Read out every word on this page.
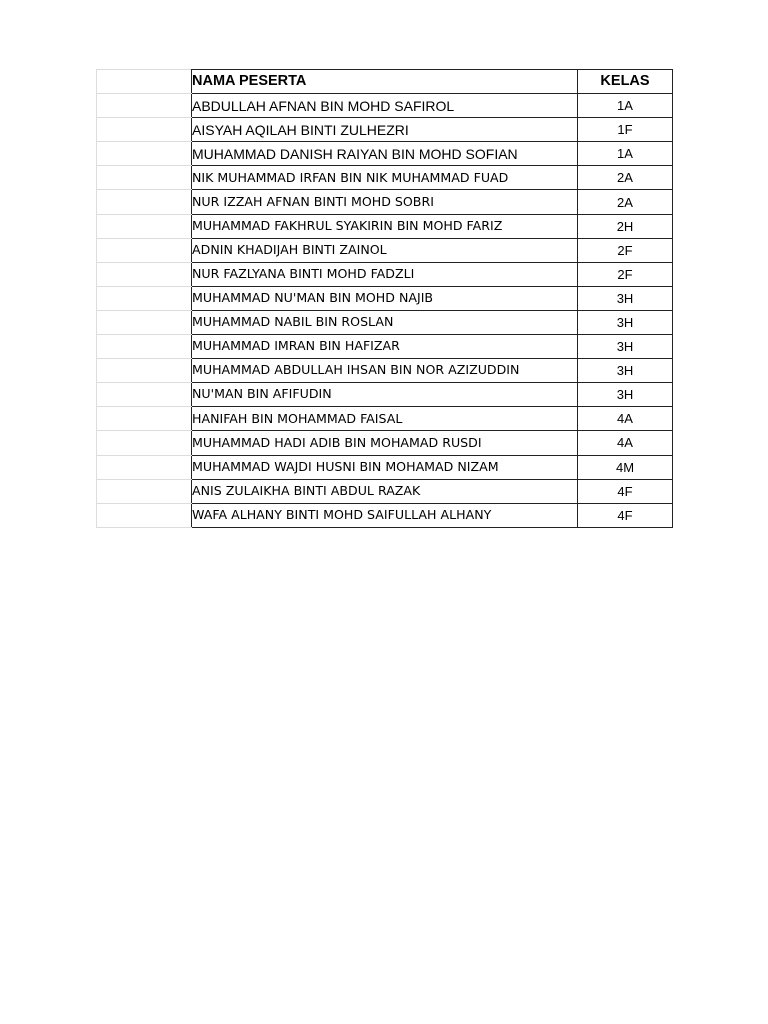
	NAMA PESERTA	KELAS
	ABDULLAH AFNAN BIN MOHD SAFIROL	1A
	AISYAH AQILAH BINTI ZULHEZRI	1F
	MUHAMMAD DANISH RAIYAN BIN MOHD SOFIAN	1A
	NIK MUHAMMAD IRFAN BIN NIK MUHAMMAD FUAD	2A
	NUR IZZAH AFNAN BINTI MOHD SOBRI	2A
	MUHAMMAD FAKHRUL SYAKIRIN BIN MOHD FARIZ	2H
	ADNIN KHADIJAH BINTI ZAINOL	2F
	NUR FAZLYANA BINTI MOHD FADZLI	2F
	MUHAMMAD NU'MAN BIN MOHD NAJIB	3H
	MUHAMMAD NABIL BIN ROSLAN	3H
	MUHAMMAD IMRAN BIN HAFIZAR	3H
	MUHAMMAD ABDULLAH IHSAN BIN NOR AZIZUDDIN	3H
	NU'MAN BIN AFIFUDIN	3H
	HANIFAH BIN MOHAMMAD FAISAL	4A
	MUHAMMAD HADI ADIB BIN MOHAMAD RUSDI	4A
	MUHAMMAD WAJDI HUSNI BIN MOHAMAD NIZAM	4M
	ANIS ZULAIKHA BINTI ABDUL RAZAK	4F
	WAFA ALHANY BINTI MOHD SAIFULLAH ALHANY	4F
